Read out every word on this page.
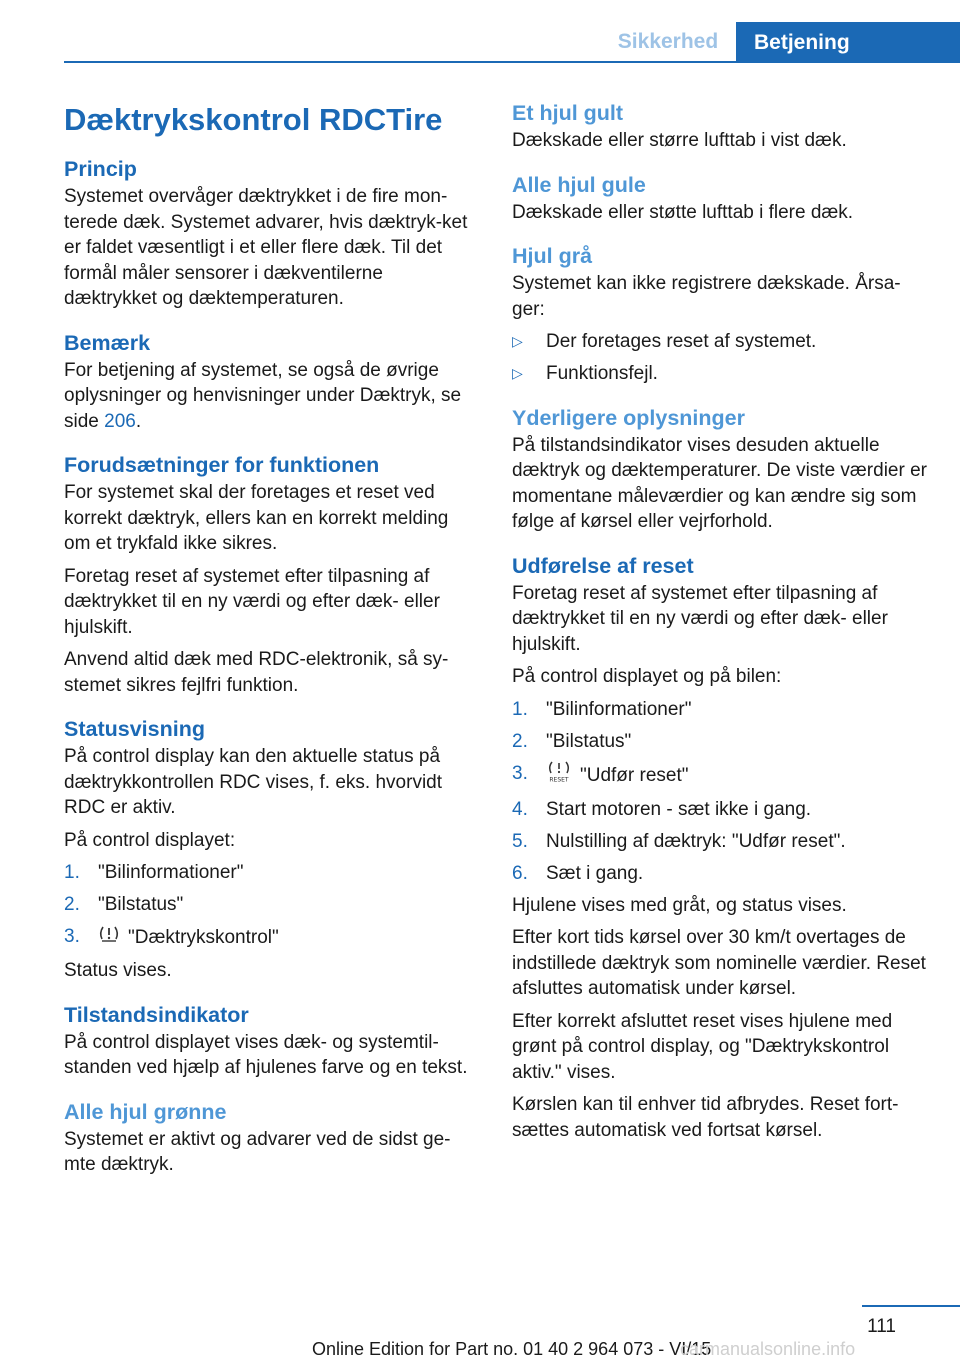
Sikkerhed	Betjening
Dæktrykskontrol RDCTire
Princip

Systemet overvåger dæktrykket i de fire mon-terede dæk. Systemet advarer, hvis dæktryk-ket er faldet væsentligt i et eller flere dæk. Til det formål måler sensorer i dækventilerne dæktrykket og dæktemperaturen.

Bemærk

For betjening af systemet, se også de øvrige oplysninger og henvisninger under Dæktryk, se side 206.

Forudsætninger for funktionen

For systemet skal der foretages et reset ved korrekt dæktryk, ellers kan en korrekt melding om et trykfald ikke sikres.

Foretag reset af systemet efter tilpasning af dæktrykket til en ny værdi og efter dæk- eller hjulskift.

Anvend altid dæk med RDC-elektronik, så sy-stemet sikres fejlfri funktion.

Statusvisning

På control display kan den aktuelle status på dæktrykkontrollen RDC vises, f. eks. hvorvidt RDC er aktiv.

På control displayet:

1. "Bilinformationer"
2. "Bilstatus"
3.	"Dæktrykskontrol"

Status vises.

Tilstandsindikator

På control displayet vises dæk- og systemtil-standen ved hjælp af hjulenes farve og en tekst.

Alle hjul grønne

Systemet er aktivt og advarer ved de sidst ge-mte dæktryk.

Et hjul gult

Dækskade eller større lufttab i vist dæk.

Alle hjul gule

Dækskade eller støtte lufttab i flere dæk.

Hjul grå

Systemet kan ikke registrere dækskade. Årsa-ger:

▷	Der foretages reset af systemet.
▷	Funktionsfejl.
Yderligere oplysninger

På tilstandsindikator vises desuden aktuelle dæktryk og dæktemperaturer. De viste værdier er momentane måleværdier og kan ændre sig som følge af kørsel eller vejrforhold.

Udførelse af reset

Foretag reset af systemet efter tilpasning af dæktrykket til en ny værdi og efter dæk- eller hjulskift.

På control displayet og på bilen:

1. "Bilinformationer"
2. "Bilstatus"
3.	RESET "Udfør reset"
4. Start motoren - sæt ikke i gang.
5. Nulstilling af dæktryk: "Udfør reset".
6. Sæt i gang.

Hjulene vises med gråt, og status vises.

Efter kort tids kørsel over 30 km/t overtages de indstillede dæktryk som nominelle værdier. Reset afsluttes automatisk under kørsel.

Efter korrekt afsluttet reset vises hjulene med grønt på control display, og "Dæktrykskontrol aktiv." vises.

Kørslen kan til enhver tid afbrydes. Reset fort-sættes automatisk ved fortsat kørsel.

111
Online Edition for Part no. 01 40 2 964 073 - VI/15
carmanualsonline.info
